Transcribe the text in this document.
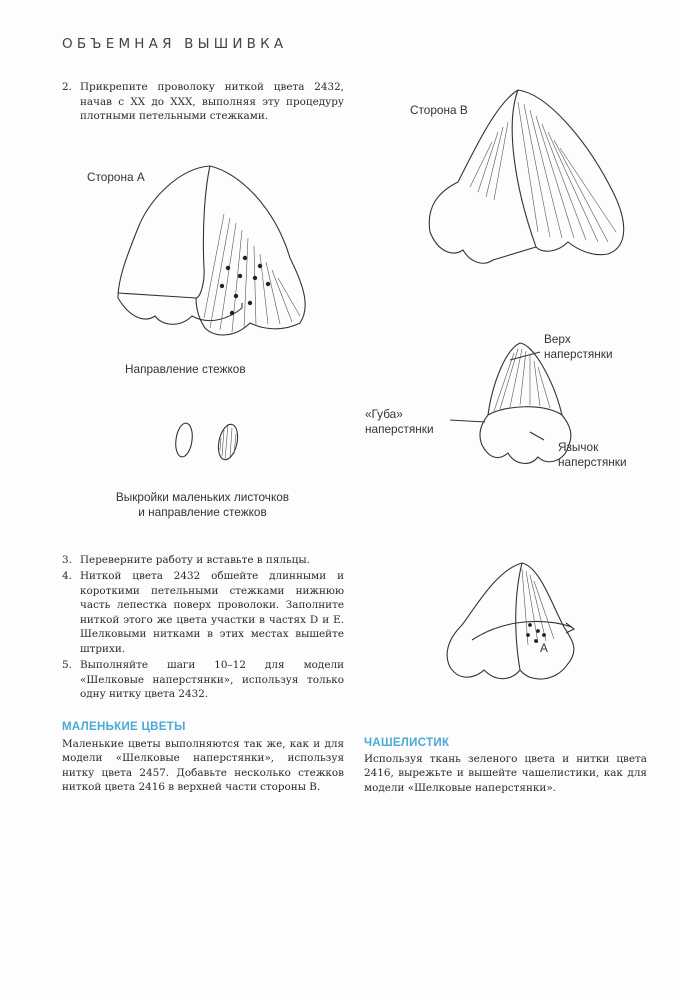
ОБЪЕМНАЯ ВЫШИВКА
2. Прикрепите проволоку ниткой цвета 2432, начав с XX до XXX, выполняя эту процедуру плотными петельными стежками.
Сторона А
Направление стежков
Выкройки маленьких листочков
и направление стежков
Сторона В
Верх
наперстянки
«Губа»
наперстянки
Язычок
наперстянки
A
3. Переверните работу и вставьте в пяльцы.
4. Ниткой цвета 2432 обшейте длинными и короткими петельными стежками нижнюю часть лепестка поверх проволоки. Заполните ниткой этого же цвета участки в частях D и E. Шелковыми нитками в этих местах вышейте штрихи.
5. Выполняйте шаги 10–12 для модели «Шелковые наперстянки», используя только одну нитку цвета 2432.
МАЛЕНЬКИЕ ЦВЕТЫ
Маленькие цветы выполняются так же, как и для модели «Шелковые наперстянки», используя нитку цвета 2457. Добавьте несколько стежков ниткой цвета 2416 в верхней части стороны В.
ЧАШЕЛИСТИК
Используя ткань зеленого цвета и нитки цвета 2416, вырежьте и вышейте чашелистики, как для модели «Шелковые наперстянки».
